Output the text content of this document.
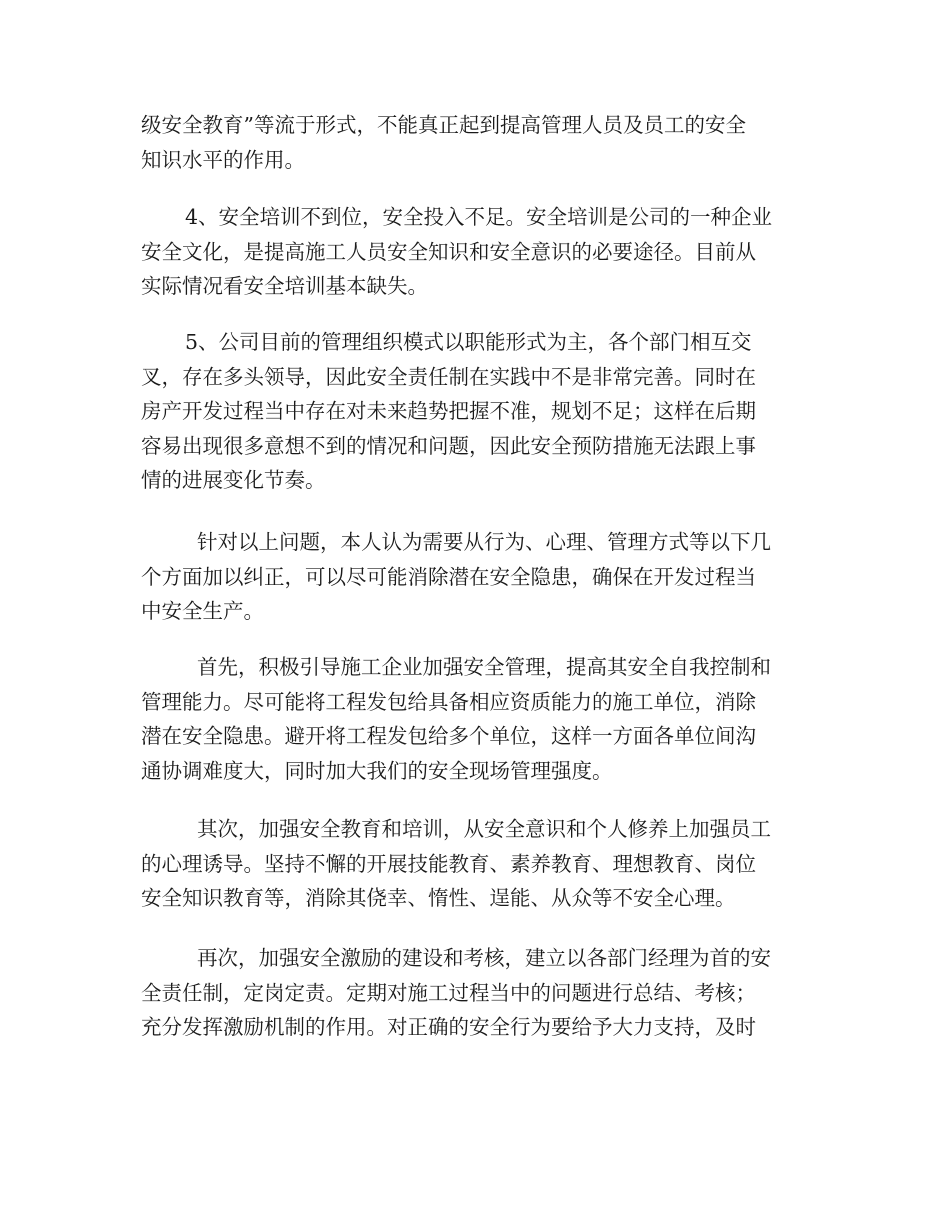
级安全教育”等流于形式，不能真正起到提高管理人员及员工的安全
知识水平的作用。
4、安全培训不到位，安全投入不足。安全培训是公司的一种企业
安全文化，是提高施工人员安全知识和安全意识的必要途径。目前从
实际情况看安全培训基本缺失。
5、公司目前的管理组织模式以职能形式为主，各个部门相互交
叉，存在多头领导，因此安全责任制在实践中不是非常完善。同时在
房产开发过程当中存在对未来趋势把握不准，规划不足；这样在后期
容易出现很多意想不到的情况和问题，因此安全预防措施无法跟上事
情的进展变化节奏。
针对以上问题，本人认为需要从行为、心理、管理方式等以下几
个方面加以纠正，可以尽可能消除潜在安全隐患，确保在开发过程当
中安全生产。
首先，积极引导施工企业加强安全管理，提高其安全自我控制和
管理能力。尽可能将工程发包给具备相应资质能力的施工单位，消除
潜在安全隐患。避开将工程发包给多个单位，这样一方面各单位间沟
通协调难度大，同时加大我们的安全现场管理强度。
其次，加强安全教育和培训，从安全意识和个人修养上加强员工
的心理诱导。坚持不懈的开展技能教育、素养教育、理想教育、岗位
安全知识教育等，消除其侥幸、惰性、逞能、从众等不安全心理。
再次，加强安全激励的建设和考核，建立以各部门经理为首的安
全责任制，定岗定责。定期对施工过程当中的问题进行总结、考核；
充分发挥激励机制的作用。对正确的安全行为要给予大力支持，及时
